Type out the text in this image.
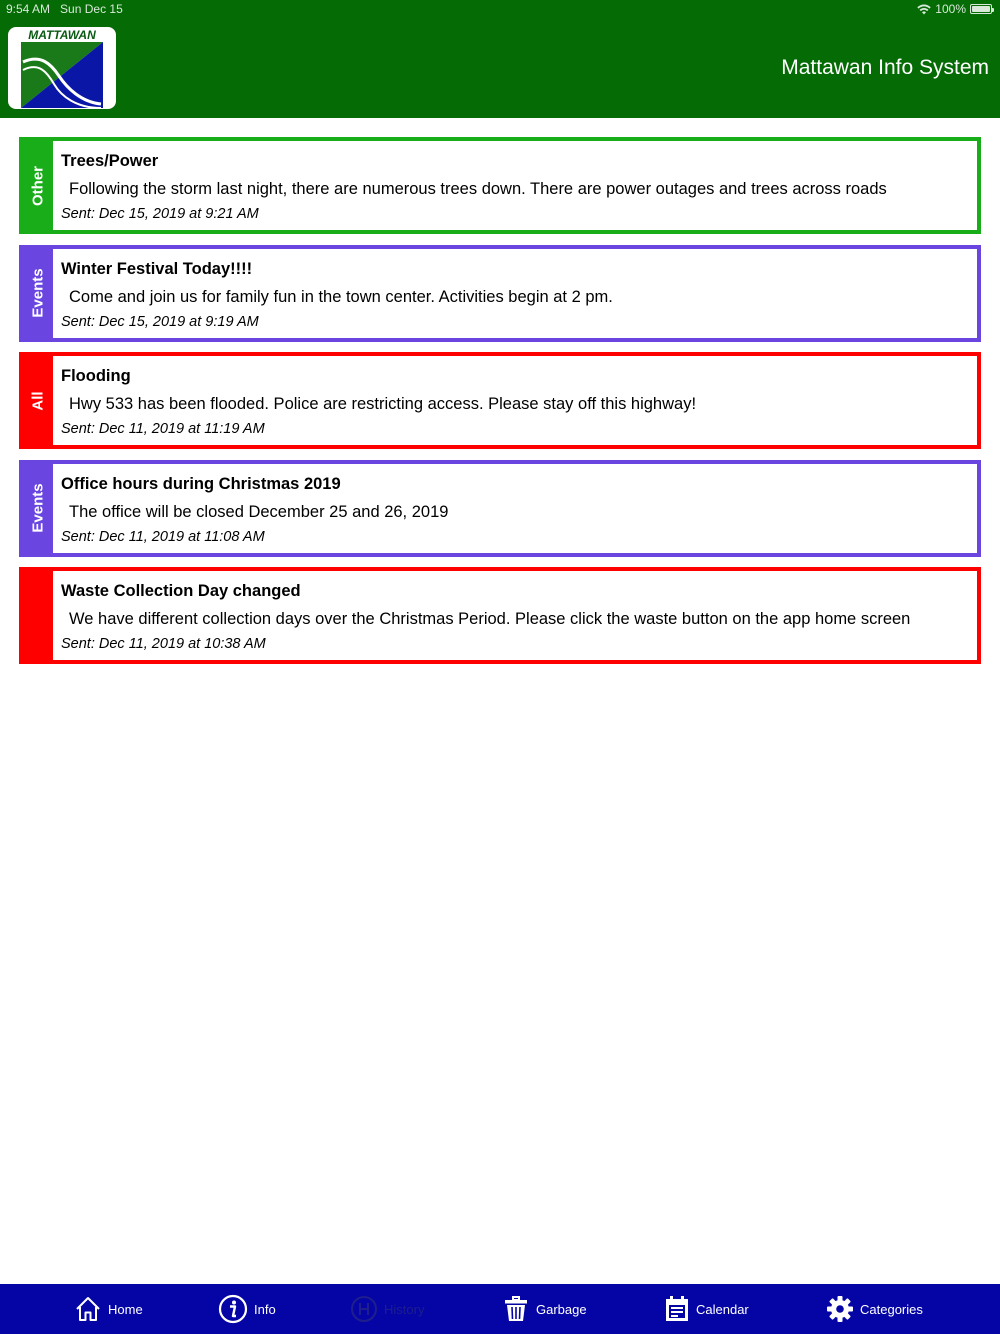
9:54 AM Sun Dec 15	100%
MATTAWAN
Mattawan Info System
Other
Trees/Power
Following the storm last night, there are numerous trees down. There are power outages and trees across roads
Sent: Dec 15, 2019 at 9:21 AM
Events Winter Festival Today!!!!
Come and join us for family fun in the town center. Activities begin at 2 pm.
Sent: Dec 15, 2019 at 9:19 AM
All
Flooding
Hwy 533 has been flooded. Police are restricting access. Please stay off this highway!
Sent: Dec 11, 2019 at 11:19 AM
Events Office hours during Christmas 2019
The office will be closed December 25 and 26, 2019
Sent: Dec 11, 2019 at 11:08 AM
Waste Collection Day changed
We have different collection days over the Christmas Period. Please click the waste button on the app home screen
Sent: Dec 11, 2019 at 10:38 AM
Home	Info	History	Garbage	Calendar	Categories
